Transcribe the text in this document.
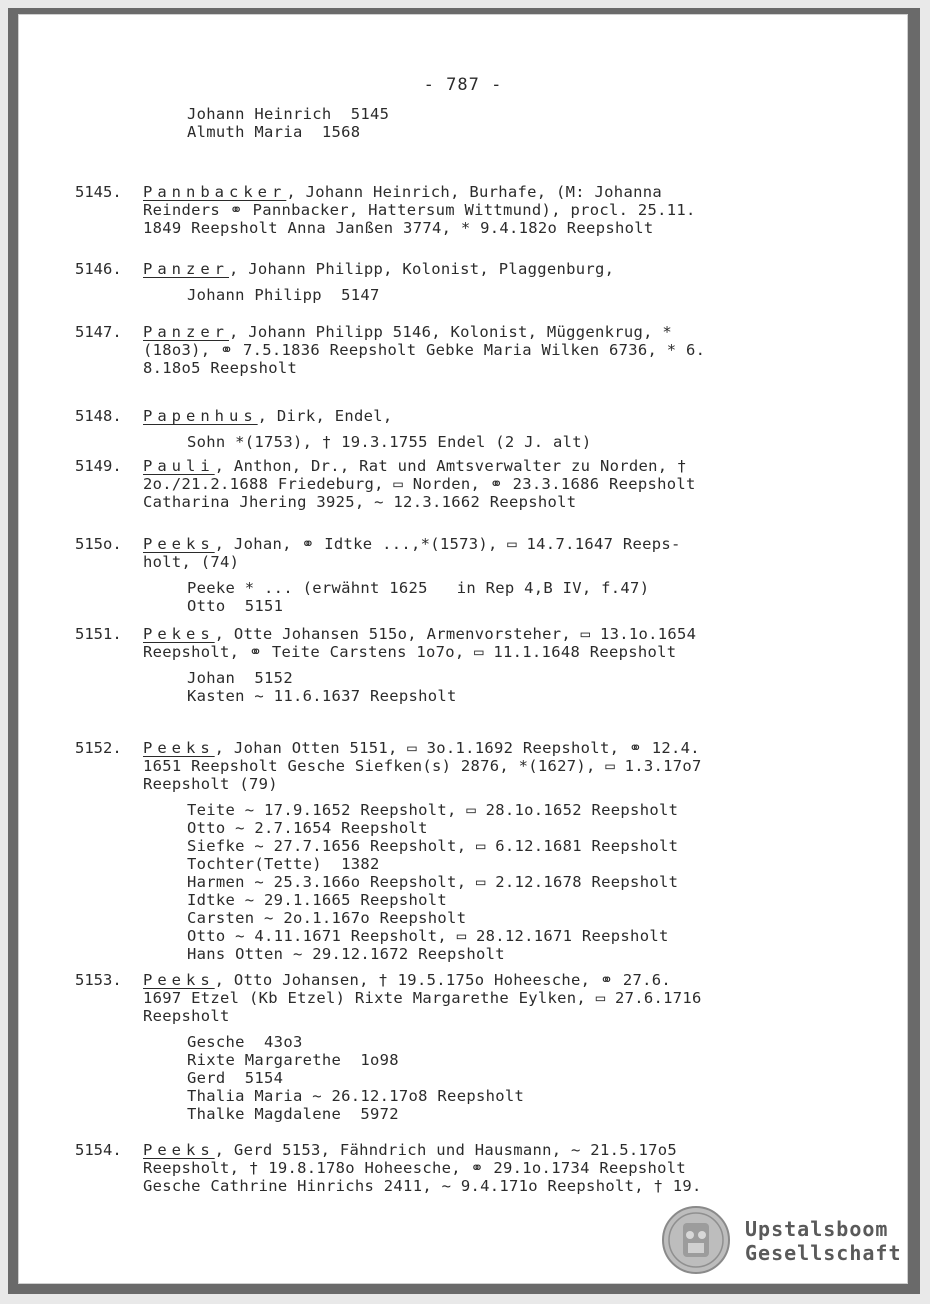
- 787 -
Johann Heinrich  5145
Almuth Maria  1568
5145. Pannbacker, Johann Heinrich, Burhafe, (M: Johanna
Reinders ⚭ Pannbacker, Hattersum Wittmund), procl. 25.11.
1849 Reepsholt Anna Janßen 3774, * 9.4.182o Reepsholt
5146. Panzer, Johann Philipp, Kolonist, Plaggenburg,
Johann Philipp  5147
5147. Panzer, Johann Philipp 5146, Kolonist, Müggenkrug, *
(18o3), ⚭ 7.5.1836 Reepsholt Gebke Maria Wilken 6736, * 6.
8.18o5 Reepsholt
5148. Papenhus, Dirk, Endel,
Sohn *(1753), † 19.3.1755 Endel (2 J. alt)
5149. Pauli, Anthon, Dr., Rat und Amtsverwalter zu Norden, †
2o./21.2.1688 Friedeburg, ▭ Norden, ⚭ 23.3.1686 Reepsholt
Catharina Jhering 3925, ~ 12.3.1662 Reepsholt
515o. Peeks, Johan, ⚭ Idtke ...,*(1573), ▭ 14.7.1647 Reeps-
holt, (74)
Peeke * ... (erwähnt 1625   in Rep 4,B IV, f.47)
Otto  5151
5151. Pekes, Otte Johansen 515o, Armenvorsteher, ▭ 13.1o.1654
Reepsholt, ⚭ Teite Carstens 1o7o, ▭ 11.1.1648 Reepsholt
Johan  5152
Kasten ~ 11.6.1637 Reepsholt
5152. Peeks, Johan Otten 5151, ▭ 3o.1.1692 Reepsholt, ⚭ 12.4.
1651 Reepsholt Gesche Siefken(s) 2876, *(1627), ▭ 1.3.17o7
Reepsholt (79)
Teite ~ 17.9.1652 Reepsholt, ▭ 28.1o.1652 Reepsholt
Otto ~ 2.7.1654 Reepsholt
Siefke ~ 27.7.1656 Reepsholt, ▭ 6.12.1681 Reepsholt
Tochter(Tette)  1382
Harmen ~ 25.3.166o Reepsholt, ▭ 2.12.1678 Reepsholt
Idtke ~ 29.1.1665 Reepsholt
Carsten ~ 2o.1.167o Reepsholt
Otto ~ 4.11.1671 Reepsholt, ▭ 28.12.1671 Reepsholt
Hans Otten ~ 29.12.1672 Reepsholt
5153. Peeks, Otto Johansen, † 19.5.175o Hoheesche, ⚭ 27.6.
1697 Etzel (Kb Etzel) Rixte Margarethe Eylken, ▭ 27.6.1716
Reepsholt
Gesche  43o3
Rixte Margarethe  1o98
Gerd  5154
Thalia Maria ~ 26.12.17o8 Reepsholt
Thalke Magdalene  5972
5154. Peeks, Gerd 5153, Fähndrich und Hausmann, ~ 21.5.17o5
Reepsholt, † 19.8.178o Hoheesche, ⚭ 29.1o.1734 Reepsholt
Gesche Cathrine Hinrichs 2411, ~ 9.4.171o Reepsholt, † 19.
Upstalsboom
Gesellschaft
